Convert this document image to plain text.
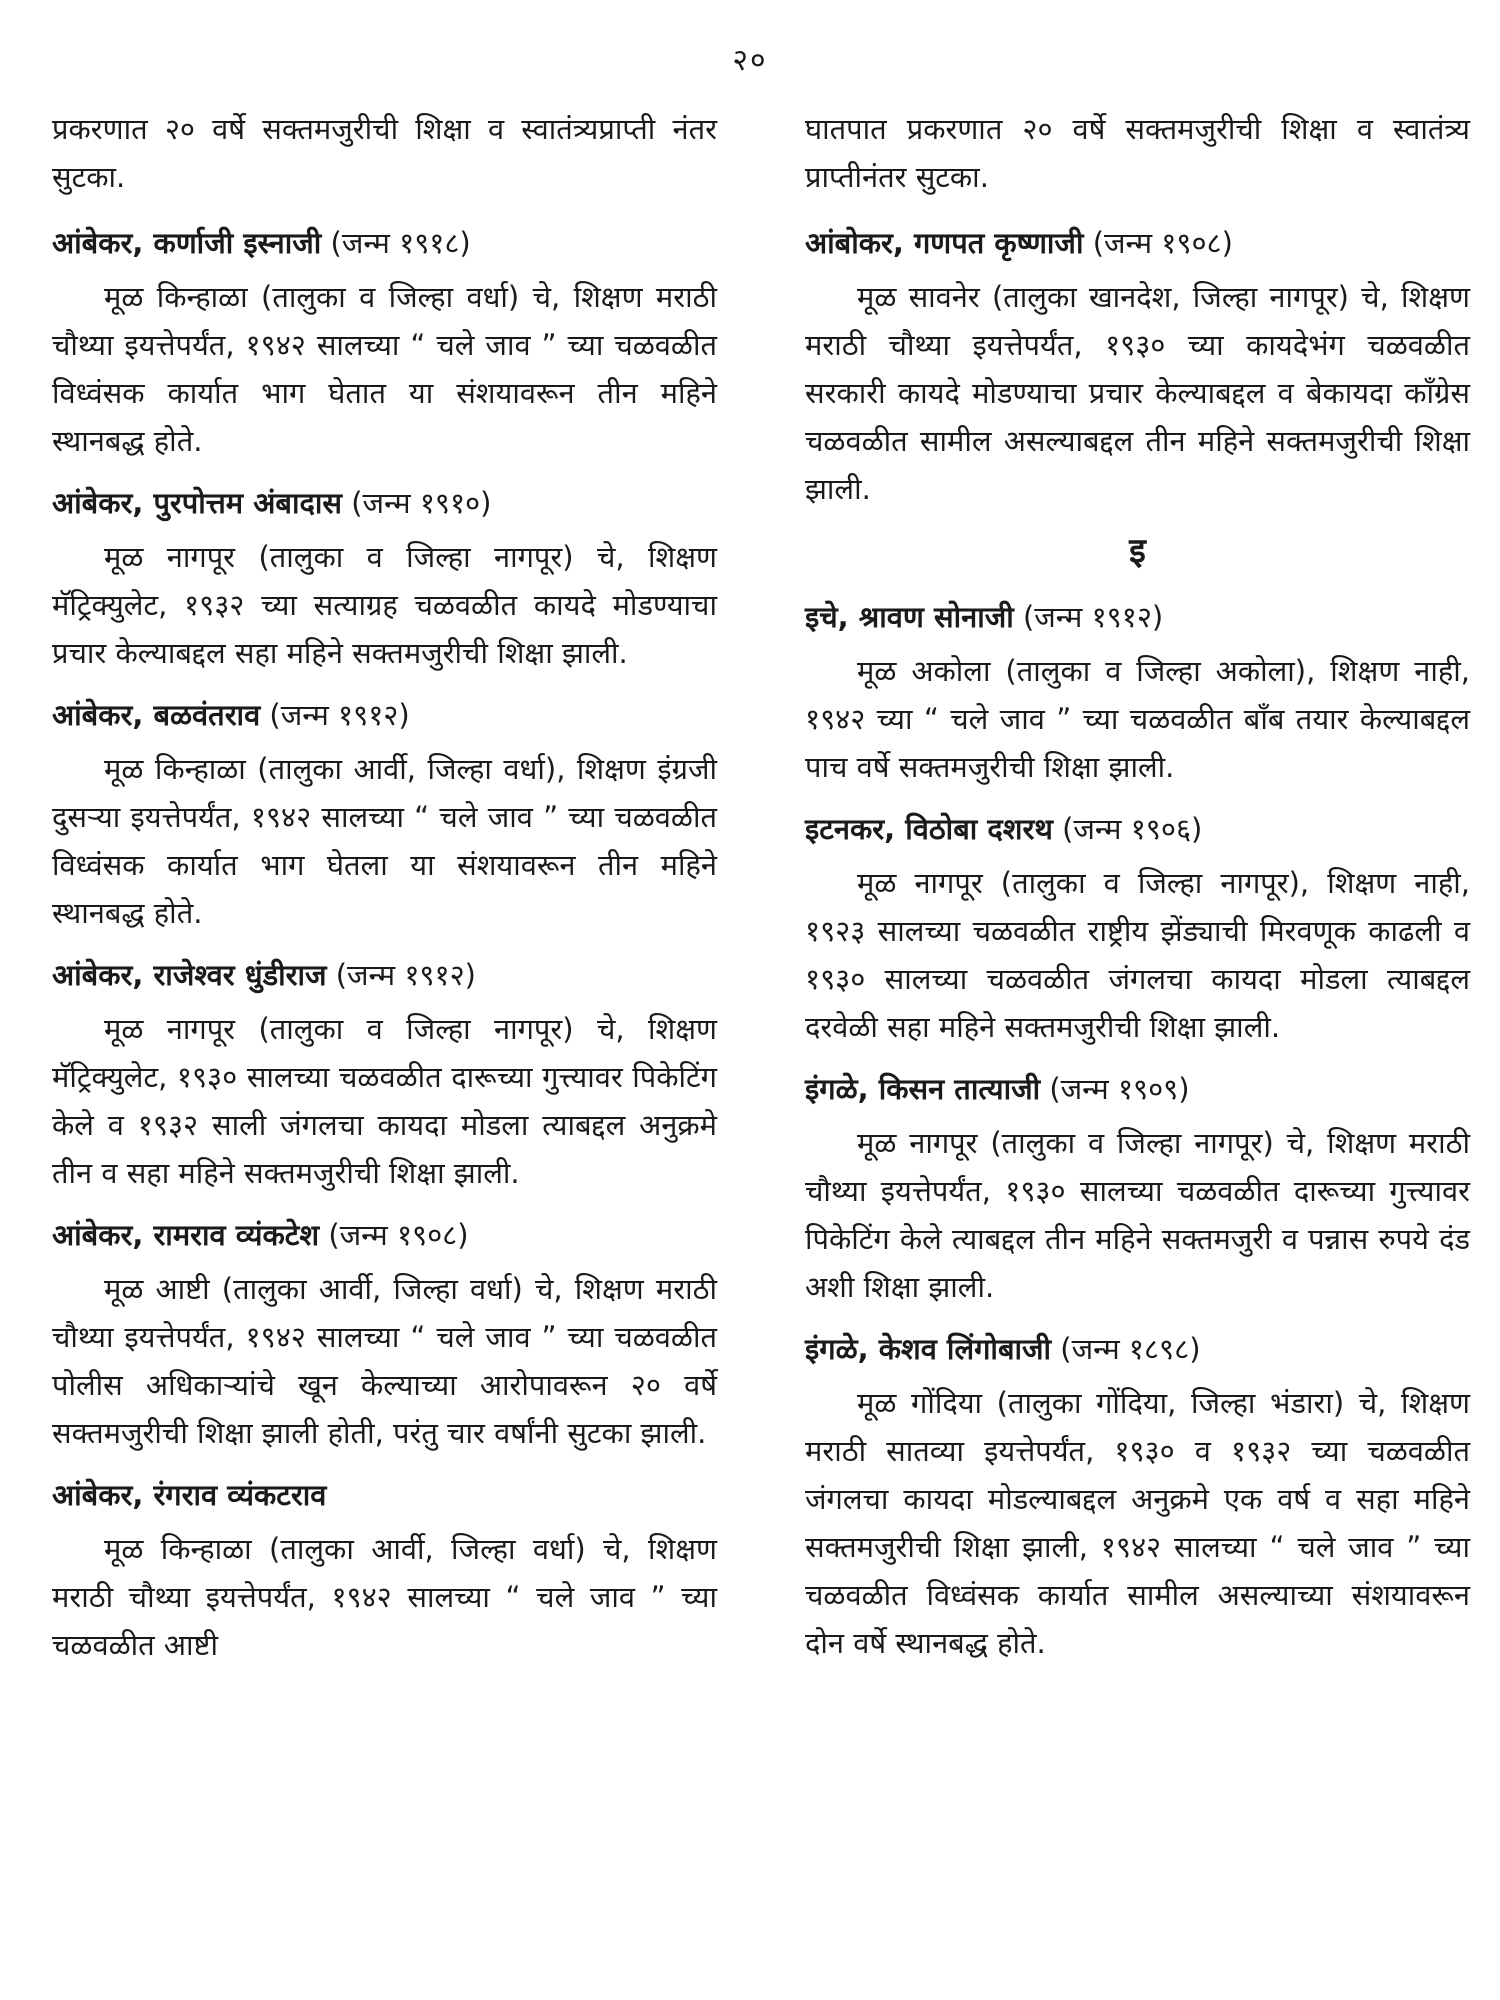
२०

प्रकरणात २० वर्षे सक्तमजुरीची शिक्षा व स्वातंत्र्यप्राप्ती नंतर सुटका.

आंबेकर, कर्णाजी इस्नाजी (जन्म १९१८)

मूळ किन्हाळा (तालुका व जिल्हा वर्धा) चे, शिक्षण मराठी चौथ्या इयत्तेपर्यंत, १९४२ सालच्या “ चले जाव ” च्या चळवळीत विध्वंसक कार्यात भाग घेतात या संशयावरून तीन महिने स्थानबद्ध होते.

आंबेकर, पुरपोत्तम अंबादास (जन्म १९१०)

मूळ नागपूर (तालुका व जिल्हा नागपूर) चे, शिक्षण मॅट्रिक्युलेट, १९३२ च्या सत्याग्रह चळवळीत कायदे मोडण्याचा प्रचार केल्याबद्दल सहा महिने सक्तमजुरीची शिक्षा झाली.

आंबेकर, बळवंतराव (जन्म १९१२)

मूळ किन्हाळा (तालुका आर्वी, जिल्हा वर्धा), शिक्षण इंग्रजी दुसऱ्या इयत्तेपर्यंत, १९४२ सालच्या “ चले जाव ” च्या चळवळीत विध्वंसक कार्यात भाग घेतला या संशयावरून तीन महिने स्थानबद्ध होते.

आंबेकर, राजेश्वर धुंडीराज (जन्म १९१२)

मूळ नागपूर (तालुका व जिल्हा नागपूर) चे, शिक्षण मॅट्रिक्युलेट, १९३० सालच्या चळवळीत दारूच्या गुत्त्यावर पिकेटिंग केले व १९३२ साली जंगलचा कायदा मोडला त्याबद्दल अनुक्रमे तीन व सहा महिने सक्तमजुरीची शिक्षा झाली.

आंबेकर, रामराव व्यंकटेश (जन्म १९०८)

मूळ आष्टी (तालुका आर्वी, जिल्हा वर्धा) चे, शिक्षण मराठी चौथ्या इयत्तेपर्यंत, १९४२ सालच्या “ चले जाव ” च्या चळवळीत पोलीस अधिकाऱ्यांचे खून केल्याच्या आरोपावरून २० वर्षे सक्तमजुरीची शिक्षा झाली होती, परंतु चार वर्षांनी सुटका झाली.

आंबेकर, रंगराव व्यंकटराव

मूळ किन्हाळा (तालुका आर्वी, जिल्हा वर्धा) चे, शिक्षण मराठी चौथ्या इयत्तेपर्यंत, १९४२ सालच्या “ चले जाव ” च्या चळवळीत आष्टी

घातपात प्रकरणात २० वर्षे सक्तमजुरीची शिक्षा व स्वातंत्र्य प्राप्तीनंतर सुटका.

आंबोकर, गणपत कृष्णाजी (जन्म १९०८)

मूळ सावनेर (तालुका खानदेश, जिल्हा नागपूर) चे, शिक्षण मराठी चौथ्या इयत्तेपर्यंत, १९३० च्या कायदेभंग चळवळीत सरकारी कायदे मोडण्याचा प्रचार केल्याबद्दल व बेकायदा कॉंग्रेस चळवळीत सामील असल्याबद्दल तीन महिने सक्तमजुरीची शिक्षा झाली.

इ

इचे, श्रावण सोनाजी (जन्म १९१२)

मूळ अकोला (तालुका व जिल्हा अकोला), शिक्षण नाही, १९४२ च्या “ चले जाव ” च्या चळवळीत बॉंब तयार केल्याबद्दल पाच वर्षे सक्तमजुरीची शिक्षा झाली.

इटनकर, विठोबा दशरथ (जन्म १९०६)

मूळ नागपूर (तालुका व जिल्हा नागपूर), शिक्षण नाही, १९२३ सालच्या चळवळीत राष्ट्रीय झेंड्याची मिरवणूक काढली व १९३० सालच्या चळवळीत जंगलचा कायदा मोडला त्याबद्दल दरवेळी सहा महिने सक्तमजुरीची शिक्षा झाली.

इंगळे, किसन तात्याजी (जन्म १९०९)

मूळ नागपूर (तालुका व जिल्हा नागपूर) चे, शिक्षण मराठी चौथ्या इयत्तेपर्यंत, १९३० सालच्या चळवळीत दारूच्या गुत्त्यावर पिकेटिंग केले त्याबद्दल तीन महिने सक्तमजुरी व पन्नास रुपये दंड अशी शिक्षा झाली.

इंगळे, केशव लिंगोबाजी (जन्म १८९८)

मूळ गोंदिया (तालुका गोंदिया, जिल्हा भंडारा) चे, शिक्षण मराठी सातव्या इयत्तेपर्यंत, १९३० व १९३२ च्या चळवळीत जंगलचा कायदा मोडल्याबद्दल अनुक्रमे एक वर्ष व सहा महिने सक्तमजुरीची शिक्षा झाली, १९४२ सालच्या “ चले जाव ” च्या चळवळीत विध्वंसक कार्यात सामील असल्याच्या संशयावरून दोन वर्षे स्थानबद्ध होते.
